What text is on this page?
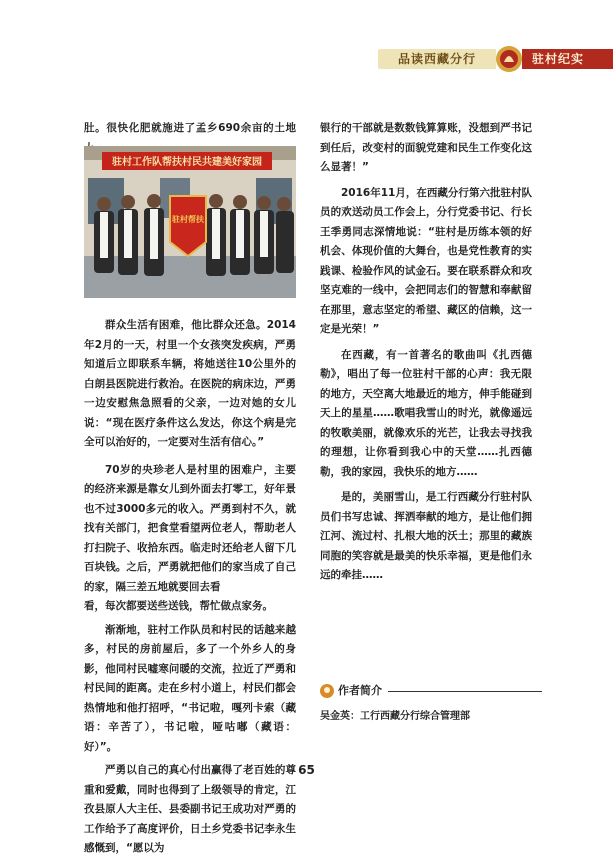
品读西藏分行	驻村纪实

肚。很快化肥就施进了孟乡690余亩的土地

驻村工作队帮扶村民共建美好家园
驻村帮扶

群众生活有困难，他比群众还急。2014年2月的一天，村里一个女孩突发疾病，严勇知道后立即联系车辆，将她送往10公里外的白朗县医院进行救治。在医院的病床边，严勇一边安慰焦急照看的父亲，一边对她的女儿说：“现在医疗条件这么发达，你这个病是完全可以治好的，一定要对生活有信心。”

70岁的央珍老人是村里的困难户，主要的经济来源是靠女儿到外面去打零工，好年景也不过3000多元的收入。严勇到村不久，就找有关部门，把食堂看望两位老人，帮助老人打扫院子、收拾东西。临走时还给老人留下几百块钱。之后，严勇就把他们的家当成了自己的家，隔三差五地就要回去看

看，每次都要送些送钱，帮忙做点家务。

渐渐地，驻村工作队员和村民的话越来越多，村民的房前屋后，多了一个外乡人的身影，他同村民嘘寒问暖的交流，拉近了严勇和村民间的距离。走在乡村小道上，村民们都会热情地和他打招呼，“书记啦，嘎列卡索（藏语：辛苦了），书记啦，哑咕嘟（藏语：好）”。

严勇以自己的真心付出赢得了老百姓的尊重和爱戴，同时也得到了上级领导的肯定，江孜县原人大主任、县委副书记王成功对严勇的工作给予了高度评价，日土乡党委书记李永生感慨到，“愿以为

银行的干部就是数数钱算算账，没想到严书记到任后，改变村的面貌党建和民生工作变化这么显著！”

2016年11月，在西藏分行第六批驻村队员的欢送动员工作会上，分行党委书记、行长王季勇同志深情地说：“驻村是历练本领的好机会、体现价值的大舞台，也是党性教育的实践课、检验作风的试金石。要在联系群众和攻坚克难的一线中，会把同志们的智慧和奉献留在那里，意志坚定的希望、藏区的信赖，这一定是光荣！”

在西藏，有一首著名的歌曲叫《扎西德勒》，唱出了每一位驻村干部的心声：我无限的地方，天空离大地最近的地方，伸手能碰到天上的星星……歌唱我雪山的时光，就像遥远的牧歌美丽，就像欢乐的光芒，让我去寻找我的理想，让你看到我心中的天堂……扎西德勒，我的家园，我快乐的地方……

是的，美丽雪山，是工行西藏分行驻村队员们书写忠诚、挥洒奉献的地方，是让他们拥江河、流过村、扎根大地的沃土；那里的藏族同胞的笑容就是最美的快乐幸福，更是他们永远的牵挂……

作者简介
吴金英：工行西藏分行综合管理部
65
